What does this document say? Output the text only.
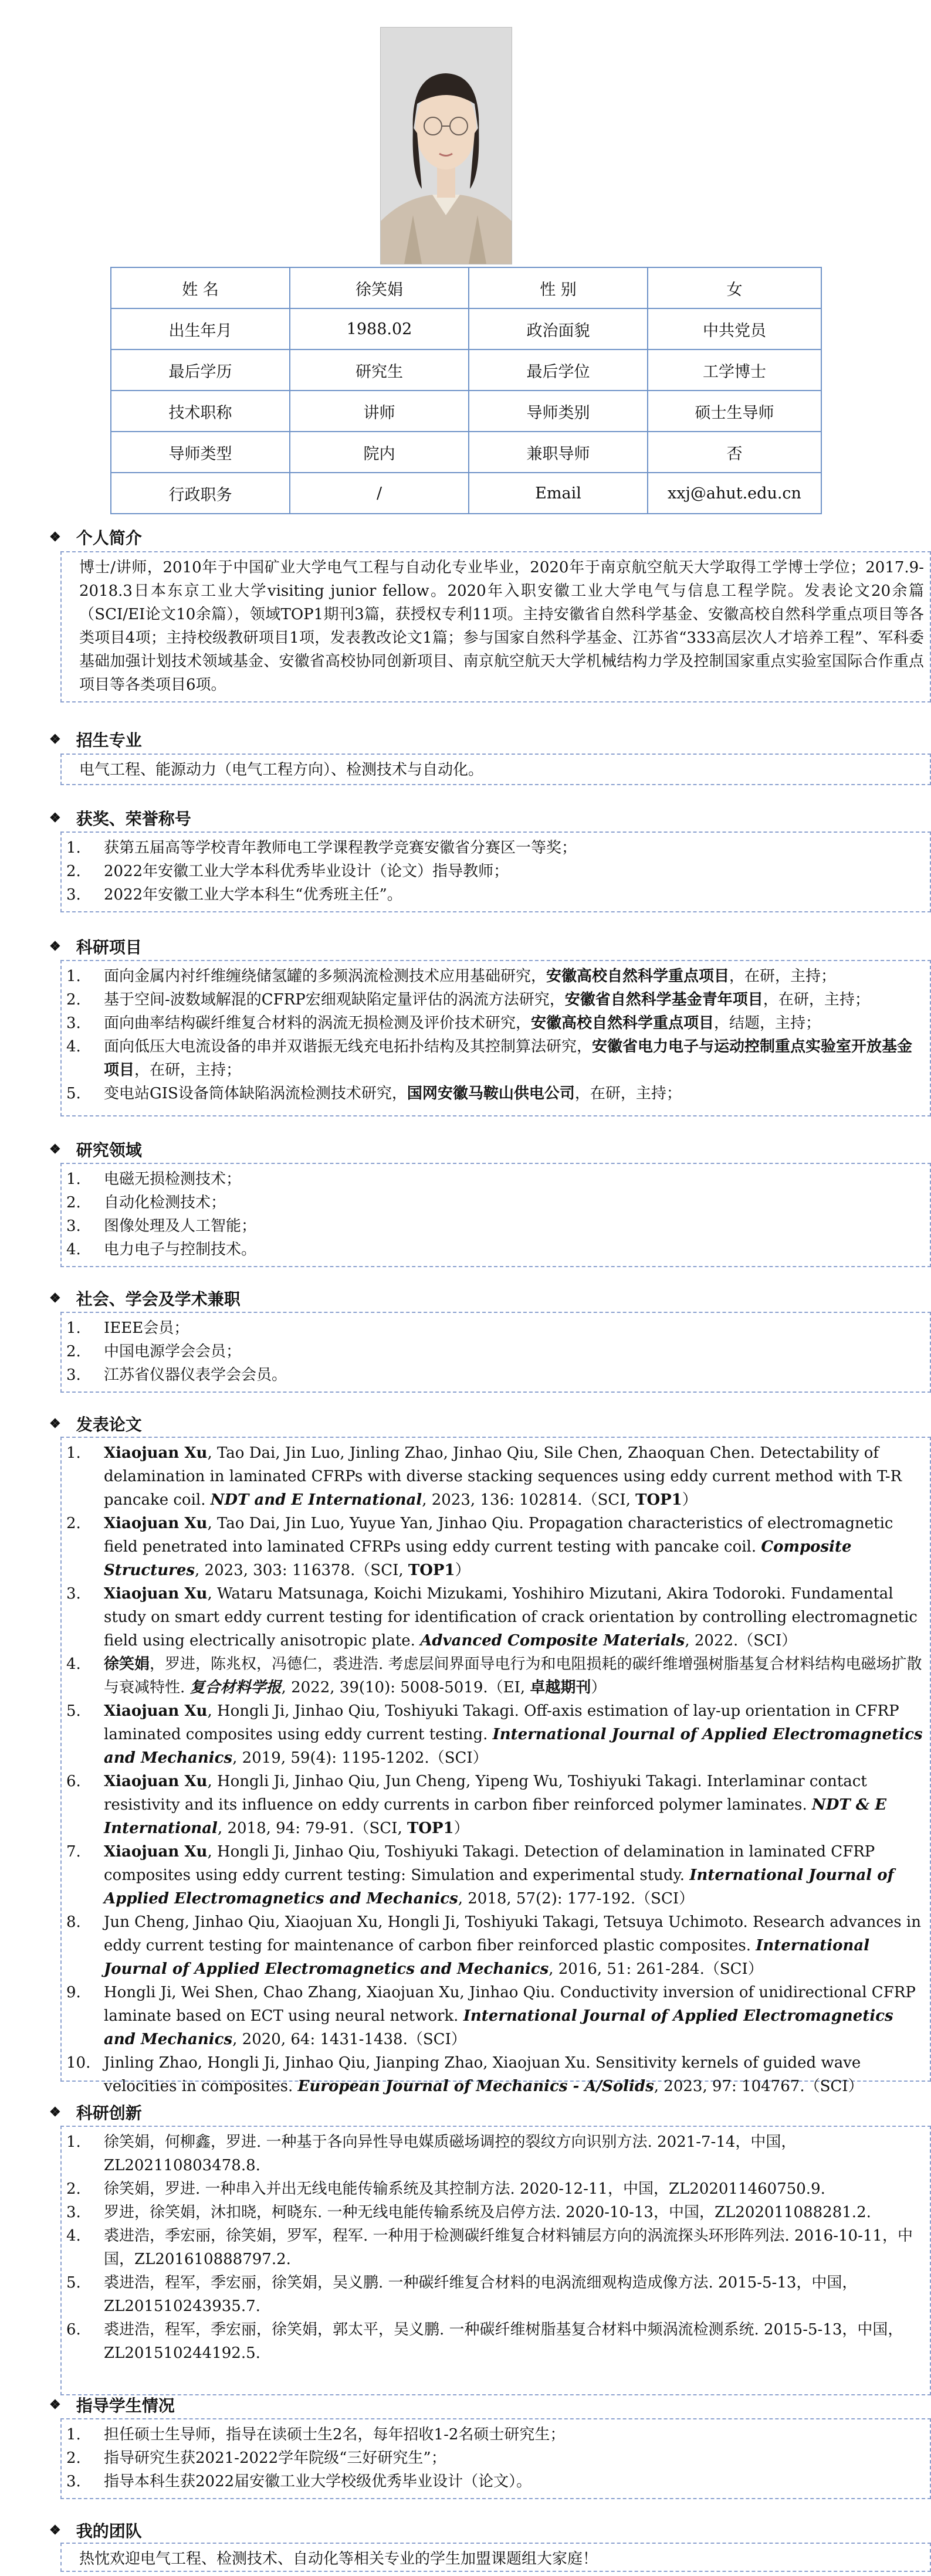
姓 名	徐笑娟	性 别	女
出生年月	1988.02	政治面貌	中共党员
最后学历	研究生	最后学位	工学博士
技术职称	讲师	导师类别	硕士生导师
导师类型	院内	兼职导师	否
行政职务	/	Email	xxj@ahut.edu.cn
❖ 个人简介
博士/讲师，2010年于中国矿业大学电气工程与自动化专业毕业，2020年于南京航空航天大学取得工学博士学位；2017.9-2018.3日本东京工业大学visiting junior fellow。2020年入职安徽工业大学电气与信息工程学院。发表论文20余篇（SCI/EI论文10余篇），领域TOP1期刊3篇，获授权专利11项。主持安徽省自然科学基金、安徽高校自然科学重点项目等各类项目4项；主持校级教研项目1项，发表教改论文1篇；参与国家自然科学基金、江苏省“333高层次人才培养工程”、军科委基础加强计划技术领域基金、安徽省高校协同创新项目、南京航空航天大学机械结构力学及控制国家重点实验室国际合作重点项目等各类项目6项。
❖ 招生专业
电气工程、能源动力（电气工程方向）、检测技术与自动化。
❖ 获奖、荣誉称号
1.	获第五届高等学校青年教师电工学课程教学竞赛安徽省分赛区一等奖；
2.	2022年安徽工业大学本科优秀毕业设计（论文）指导教师；
3.	2022年安徽工业大学本科生“优秀班主任”。
❖ 科研项目
1.	面向金属内衬纤维缠绕储氢罐的多频涡流检测技术应用基础研究，安徽高校自然科学重点项目，在研，主持；
2.	基于空间-波数域解混的CFRP宏细观缺陷定量评估的涡流方法研究，安徽省自然科学基金青年项目，在研，主持；
3.	面向曲率结构碳纤维复合材料的涡流无损检测及评价技术研究，安徽高校自然科学重点项目，结题，主持；
4.	面向低压大电流设备的串并双谐振无线充电拓扑结构及其控制算法研究，安徽省电力电子与运动控制重点实验室开放基金项目，在研，主持；
5.	变电站GIS设备筒体缺陷涡流检测技术研究，国网安徽马鞍山供电公司，在研，主持；
❖ 研究领域
1.	电磁无损检测技术；
2.	自动化检测技术；
3.	图像处理及人工智能；
4.	电力电子与控制技术。
❖ 社会、学会及学术兼职
1.	IEEE会员；
2.	中国电源学会会员；
3.	江苏省仪器仪表学会会员。
❖ 发表论文
1.	Xiaojuan Xu, Tao Dai, Jin Luo, Jinling Zhao, Jinhao Qiu, Sile Chen, Zhaoquan Chen. Detectability of delamination in laminated CFRPs with diverse stacking sequences using eddy current method with T-R pancake coil. NDT and E International, 2023, 136: 102814.（SCI, TOP1）
2.	Xiaojuan Xu, Tao Dai, Jin Luo, Yuyue Yan, Jinhao Qiu. Propagation characteristics of electromagnetic field penetrated into laminated CFRPs using eddy current testing with pancake coil. Composite Structures, 2023, 303: 116378.（SCI, TOP1）
3.	Xiaojuan Xu, Wataru Matsunaga, Koichi Mizukami, Yoshihiro Mizutani, Akira Todoroki. Fundamental study on smart eddy current testing for identification of crack orientation by controlling electromagnetic field using electrically anisotropic plate. Advanced Composite Materials, 2022.（SCI）
4.	徐笑娟，罗进，陈兆权，冯德仁，裘进浩. 考虑层间界面导电行为和电阻损耗的碳纤维增强树脂基复合材料结构电磁场扩散与衰减特性. 复合材料学报, 2022, 39(10): 5008-5019.（EI, 卓越期刊）
5.	Xiaojuan Xu, Hongli Ji, Jinhao Qiu, Toshiyuki Takagi. Off-axis estimation of lay-up orientation in CFRP laminated composites using eddy current testing. International Journal of Applied Electromagnetics and Mechanics, 2019, 59(4): 1195-1202.（SCI）
6.	Xiaojuan Xu, Hongli Ji, Jinhao Qiu, Jun Cheng, Yipeng Wu, Toshiyuki Takagi. Interlaminar contact resistivity and its influence on eddy currents in carbon fiber reinforced polymer laminates. NDT & E International, 2018, 94: 79-91.（SCI, TOP1）
7.	Xiaojuan Xu, Hongli Ji, Jinhao Qiu, Toshiyuki Takagi. Detection of delamination in laminated CFRP composites using eddy current testing: Simulation and experimental study. International Journal of Applied Electromagnetics and Mechanics, 2018, 57(2): 177-192.（SCI）
8.	Jun Cheng, Jinhao Qiu, Xiaojuan Xu, Hongli Ji, Toshiyuki Takagi, Tetsuya Uchimoto. Research advances in eddy current testing for maintenance of carbon fiber reinforced plastic composites. International Journal of Applied Electromagnetics and Mechanics, 2016, 51: 261-284.（SCI）
9.	Hongli Ji, Wei Shen, Chao Zhang, Xiaojuan Xu, Jinhao Qiu. Conductivity inversion of unidirectional CFRP laminate based on ECT using neural network. International Journal of Applied Electromagnetics and Mechanics, 2020, 64: 1431-1438.（SCI）
10. Jinling Zhao, Hongli Ji, Jinhao Qiu, Jianping Zhao, Xiaojuan Xu. Sensitivity kernels of guided wave velocities in composites. European Journal of Mechanics - A/Solids, 2023, 97: 104767.（SCI）
❖ 科研创新
1.	徐笑娟，何柳鑫，罗进. 一种基于各向异性导电媒质磁场调控的裂纹方向识别方法. 2021-7-14，中国，ZL202110803478.8.
2.	徐笑娟，罗进. 一种串入并出无线电能传输系统及其控制方法. 2020-12-11，中国，ZL202011460750.9.
3.	罗进，徐笑娟，沐扣晓，柯晓东. 一种无线电能传输系统及启停方法. 2020-10-13，中国，ZL202011088281.2.
4.	裘进浩，季宏丽，徐笑娟，罗军，程军. 一种用于检测碳纤维复合材料铺层方向的涡流探头环形阵列法. 2016-10-11，中国，ZL201610888797.2.
5.	裘进浩，程军，季宏丽，徐笑娟，吴义鹏. 一种碳纤维复合材料的电涡流细观构造成像方法. 2015-5-13，中国，ZL201510243935.7.
6.	裘进浩，程军，季宏丽，徐笑娟，郭太平，吴义鹏. 一种碳纤维树脂基复合材料中频涡流检测系统. 2015-5-13，中国，ZL201510244192.5.
❖ 指导学生情况
1.	担任硕士生导师，指导在读硕士生2名，每年招收1-2名硕士研究生；
2.	指导研究生获2021-2022学年院级“三好研究生”；
3.	指导本科生获2022届安徽工业大学校级优秀毕业设计（论文）。
❖ 我的团队
热忱欢迎电气工程、检测技术、自动化等相关专业的学生加盟课题组大家庭！
